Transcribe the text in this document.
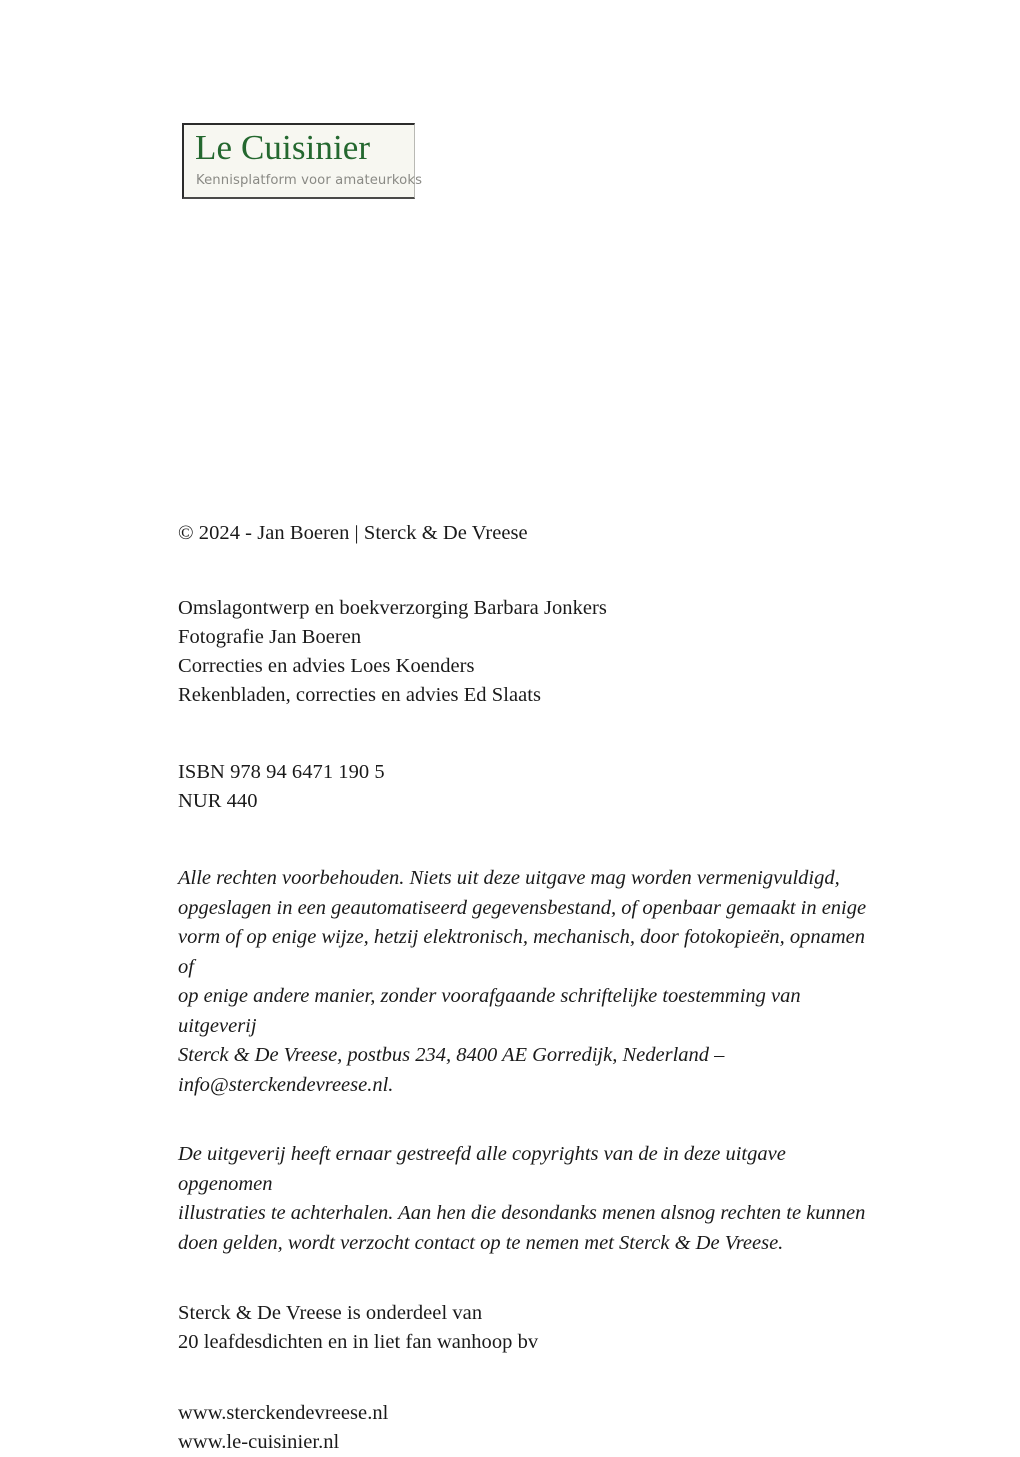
Le Cuisinier
Kennisplatform voor amateurkoks

© 2024 - Jan Boeren | Sterck & De Vreese

Omslagontwerp en boekverzorging Barbara Jonkers

Fotografie Jan Boeren

Correcties en advies Loes Koenders

Rekenbladen, correcties en advies Ed Slaats

ISBN 978 94 6471 190 5

NUR 440

Alle rechten voorbehouden. Niets uit deze uitgave mag worden vermenigvuldigd,

opgeslagen in een geautomatiseerd gegevensbestand, of openbaar gemaakt in enige

vorm of op enige wijze, hetzij elektronisch, mechanisch, door fotokopieën, opnamen of

op enige andere manier, zonder voorafgaande schriftelijke toestemming van uitgeverij

Sterck & De Vreese, postbus 234, 8400 AE Gorredijk, Nederland –

info@sterckendevreese.nl.

De uitgeverij heeft ernaar gestreefd alle copyrights van de in deze uitgave opgenomen

illustraties te achterhalen. Aan hen die desondanks menen alsnog rechten te kunnen

doen gelden, wordt verzocht contact op te nemen met Sterck & De Vreese.

Sterck & De Vreese is onderdeel van

20 leafdesdichten en in liet fan wanhoop bv

www.sterckendevreese.nl

www.le-cuisinier.nl
